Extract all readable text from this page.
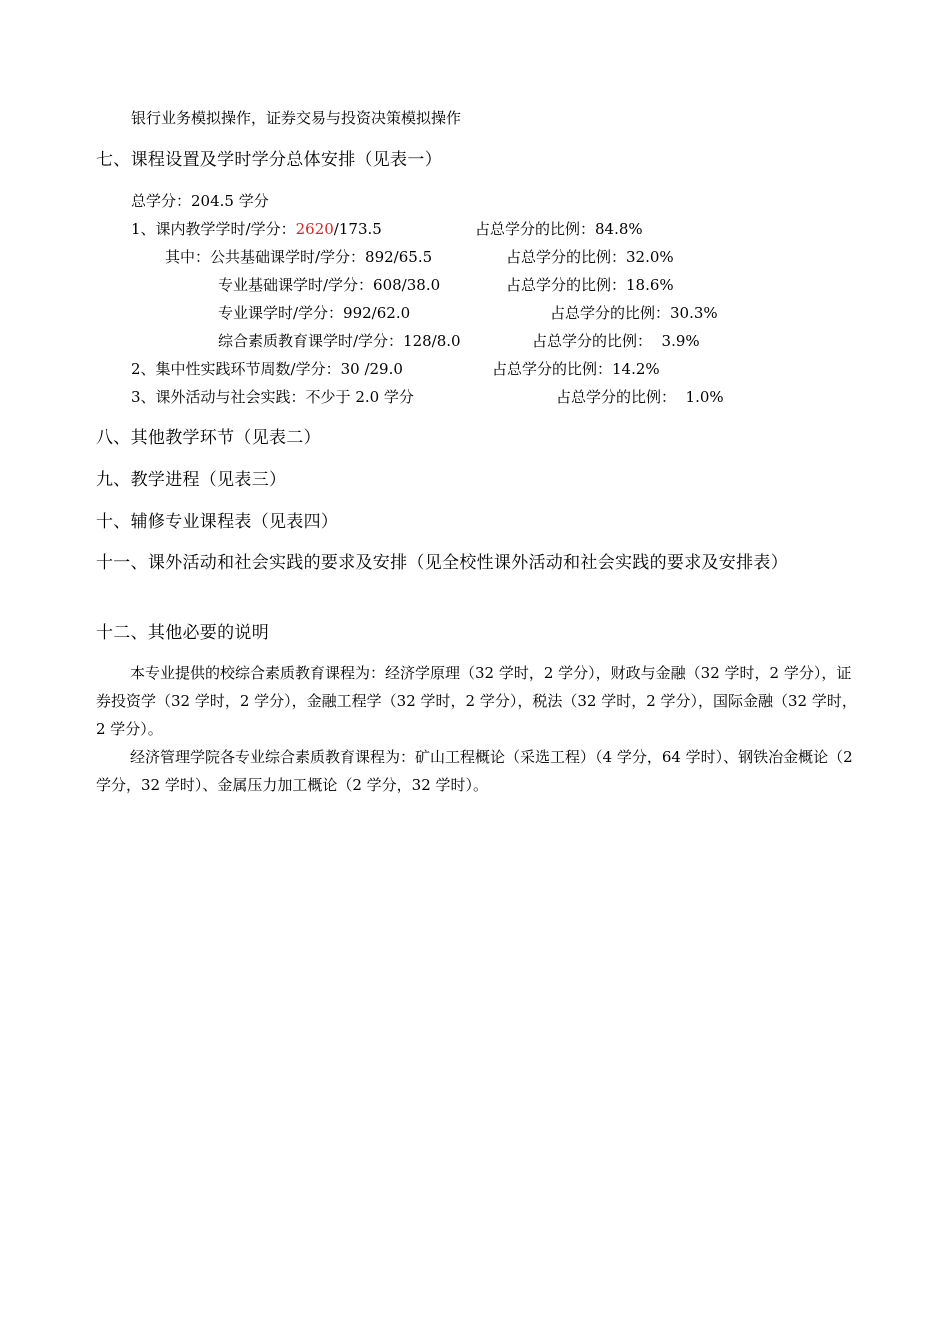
银行业务模拟操作，证券交易与投资决策模拟操作
七、课程设置及学时学分总体安排（见表一）
总学分：204.5 学分
1、课内教学学时/学分：2620/173.5	占总学分的比例：84.8%
其中：公共基础课学时/学分：892/65.5	占总学分的比例：32.0%
专业基础课学时/学分：608/38.0	占总学分的比例：18.6%
专业课学时/学分：992/62.0	占总学分的比例：30.3%
综合素质教育课学时/学分：128/8.0	占总学分的比例：  3.9%
2、集中性实践环节周数/学分：30 /29.0	占总学分的比例：14.2%
3、课外活动与社会实践：不少于 2.0 学分	占总学分的比例：  1.0%
八、其他教学环节（见表二）
九、教学进程（见表三）
十、辅修专业课程表（见表四）
十一、课外活动和社会实践的要求及安排（见全校性课外活动和社会实践的要求及安排表）
十二、其他必要的说明
本专业提供的校综合素质教育课程为：经济学原理（32 学时，2 学分），财政与金融（32 学时，2 学分），证券投资学（32 学时，2 学分），金融工程学（32 学时，2 学分），税法（32 学时，2 学分），国际金融（32 学时，2 学分）。
经济管理学院各专业综合素质教育课程为：矿山工程概论（采选工程）（4 学分，64 学时）、钢铁冶金概论（2 学分，32 学时）、金属压力加工概论（2 学分，32 学时）。
